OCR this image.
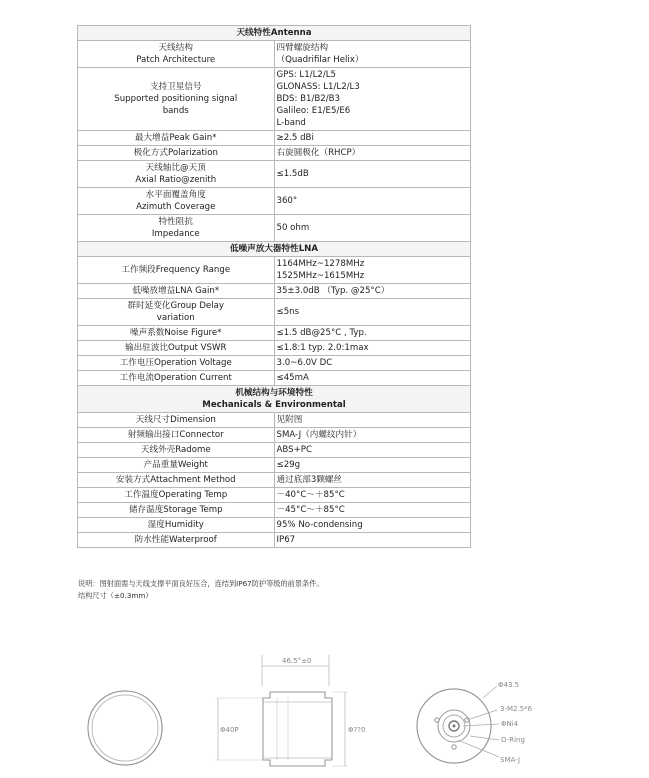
天线特性Antenna	

天线结构
Patch Architecture	四臂螺旋结构
（Quadrifilar Helix）

支持卫星信号
Supported positioning signal
bands	GPS: L1/L2/L5
GLONASS: L1/L2/L3
BDS: B1/B2/B3
Galileo: E1/E5/E6
L-band

最大增益Peak Gain*	≥2.5 dBi

极化方式Polarization	右旋圆极化（RHCP）

天线轴比@天顶
Axial Ratio@zenith	≤1.5dB

水平面覆盖角度
Azimuth Coverage	360°

特性阻抗
Impedance	50 ohm

低噪声放大器特性LNA	

工作频段Frequency Range	1164MHz~1278MHz
1525MHz~1615MHz

低噪放增益LNA Gain*	35±3.0dB （Typ. @25°C）

群时延变化Group Delay
variation	≤5ns

噪声系数Noise Figure*	≤1.5 dB@25°C , Typ.

输出驻波比Output VSWR	≤1.8:1 typ. 2.0:1max

工作电压Operation Voltage	3.0~6.0V DC

工作电流Operation Current	≤45mA

机械结构与环境特性
Mechanicals & Environmental	

天线尺寸Dimension	见附图

射频输出接口Connector	SMA-J（内螺纹内针）

天线外壳Radome	ABS+PC

产品重量Weight	≤29g

安装方式Attachment Method	通过底部3颗螺丝

工作温度Operating Temp	－40°C～＋85°C

储存温度Storage Temp	－45°C～＋85°C

湿度Humidity	95% No-condensing

防水性能Waterproof	IP67
说明：图射面需与天线支撑平面良好压合，连结到IP67防护等级的前景条件。
结构尺寸（±0.3mm）
46.5°±0
Φ40P	Φ??0
Φ43.5
3-M2.5*6
ΦNi4
O-Ring
SMA-J
